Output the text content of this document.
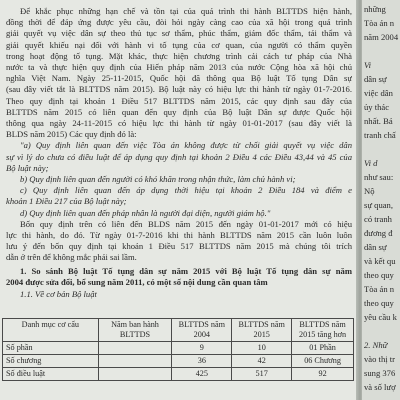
Để khắc phục những hạn chế và tồn tại của quá trình thi hành BLTTDS hiện hành,
đồng thời để đáp ứng được yêu cầu, đòi hỏi ngày càng cao của xã hội trong quá trình
giải quyết vụ việc dân sự theo thủ tục sơ thẩm, phúc thẩm, giám đốc thẩm, tái thẩm và
giải quyết khiếu nại đối với hành vi tố tụng của cơ quan, của người có thẩm quyền
trong hoạt động tố tụng. Mặt khác, thực hiện chương trình cải cách tư pháp của Nhà
nước ta và thực hiện quy định của Hiến pháp năm 2013 của nước Cộng hòa xã hội chủ
nghĩa Việt Nam. Ngày 25-11-2015, Quốc hội đã thông qua Bộ luật Tố tụng Dân sự
(sau đây viết tắt là BLTTDS năm 2015). Bộ luật này có hiệu lực thi hành từ ngày 01-7-2016.
Theo quy định tại khoản 1 Điều 517 BLTTDS năm 2015, các quy định sau đây của
BLTTDS năm 2015 có liên quan đến quy định của Bộ luật Dân sự được Quốc hội
thông qua ngày 24-11-2015 có hiệu lực thi hành từ ngày 01-01-2017 (sau đây viết là
BLDS năm 2015) Các quy định đó là:
"a) Quy định liên quan đến việc Tòa án không được từ chối giải quyết vụ việc dân
sự vì lý do chưa có điều luật để áp dụng quy định tại khoản 2 Điều 4 các Điều 43,44 và 45 của
Bộ luật này;
b) Quy định liên quan đến người có khó khăn trong nhận thức, làm chủ hành vi;
c) Quy định liên quan đến áp dụng thời hiệu tại khoản 2 Điều 184 và điểm e
khoản 1 Điều 217 của Bộ luật này;
d) Quy định liên quan đến pháp nhân là người đại diện, người giám hộ."
Bốn quy định trên có liên đến BLDS năm 2015 đến ngày 01-01-2017 mới có hiệu
lực thi hành, do đó. Từ ngày 01-7-2016 khi thi hành BLTTDS năm 2015 cần luôn luôn
lưu ý đến bốn quy định tại khoản 1 Điều 517 BLTTDS năm 2015 mà chúng tôi trích
dẫn ở trên để không mắc phải sai lầm.
1. So sánh Bộ luật Tố tụng dân sự năm 2015 với Bộ luật Tố tụng dân sự năm
2004 được sửa đổi, bổ sung năm 2011, có một số nội dung cần quan tâm
1.1. Về cơ bản Bộ luật
Danh mục cơ cấu	Năm ban hành BLTTDS	BLTTDS năm 2004	BLTTDS năm 2015	BLTTDS năm 2015 tăng hơn
Số phần		9	10	01 Phần
Số chương		36	42	06 Chương
Số điều luật		425	517	92
những
Tòa án n
năm 2004
Vi
dân sự
việc dân
ủy thác
nhất. Bả
tranh chấ
Vi d
như sau:
Nộ
sự quan,
có tranh
đương đ
dân sự
và kết qu
theo quy
Tòa án n
theo quy
yêu cầu k
2. Nhữ
vào thị tr
sung 376
và số lượ
